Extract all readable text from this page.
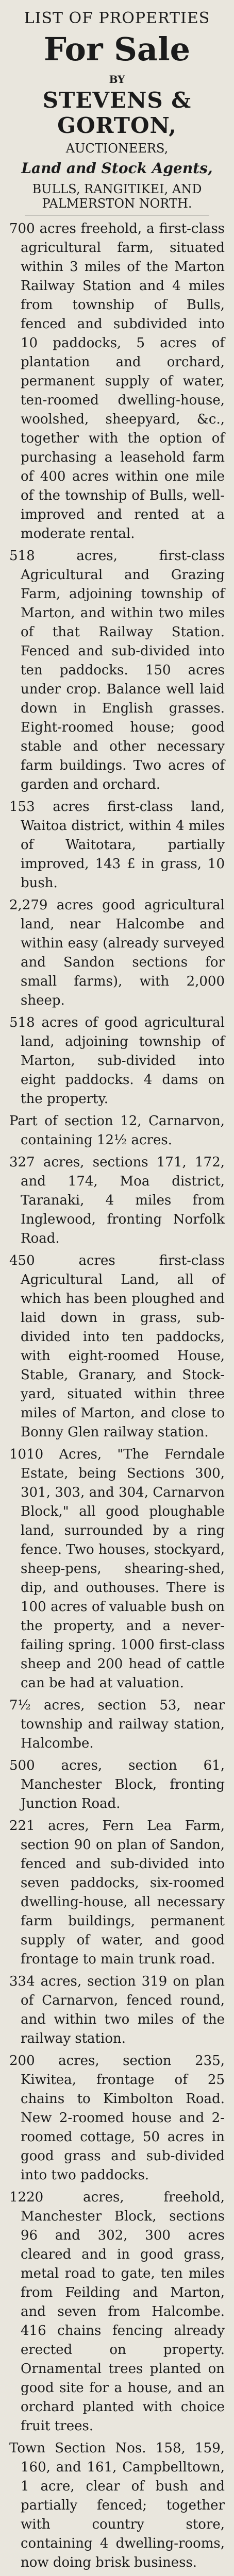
LIST OF PROPERTIES
For Sale
BY
STEVENS & GORTON,
AUCTIONEERS,
Land and Stock Agents,
BULLS, RANGITIKEI, AND PALMERSTON NORTH.

700 acres freehold, a first-class agricultural farm, situated within 3 miles of the Marton Railway Station and 4 miles from township of Bulls, fenced and subdivided into 10 paddocks, 5 acres of plantation and orchard, permanent supply of water, ten-roomed dwelling-house, woolshed, sheepyard, &c., together with the option of purchasing a leasehold farm of 400 acres within one mile of the township of Bulls, well-improved and rented at a moderate rental.

518 acres, first-class Agricultural and Grazing Farm, adjoining township of Marton, and within two miles of that Railway Station. Fenced and sub-divided into ten paddocks. 150 acres under crop. Balance well laid down in English grasses. Eight-roomed house; good stable and other necessary farm buildings. Two acres of garden and orchard.

153 acres first-class land, Waitoa district, within 4 miles of Waitotara, partially improved, 143 £ in grass, 10 bush.

2,279 acres good agricultural land, near Halcombe and within easy (already surveyed and Sandon sections for small farms), with 2,000 sheep.

518 acres of good agricultural land, adjoining township of Marton, sub-divided into eight paddocks. 4 dams on the property.

Part of section 12, Carnarvon, containing 12½ acres.

327 acres, sections 171, 172, and 174, Moa district, Taranaki, 4 miles from Inglewood, fronting Norfolk Road.

450 acres first-class Agricultural Land, all of which has been ploughed and laid down in grass, sub-divided into ten paddocks, with eight-roomed House, Stable, Granary, and Stock-yard, situated within three miles of Marton, and close to Bonny Glen railway station.

1010 Acres, "The Ferndale Estate, being Sections 300, 301, 303, and 304, Carnarvon Block," all good ploughable land, surrounded by a ring fence. Two houses, stockyard, sheep-pens, shearing-shed, dip, and outhouses. There is 100 acres of valuable bush on the property, and a never-failing spring. 1000 first-class sheep and 200 head of cattle can be had at valuation.

7½ acres, section 53, near township and railway station, Halcombe.

500 acres, section 61, Manchester Block, fronting Junction Road.

221 acres, Fern Lea Farm, section 90 on plan of Sandon, fenced and sub-divided into seven paddocks, six-roomed dwelling-house, all necessary farm buildings, permanent supply of water, and good frontage to main trunk road.

334 acres, section 319 on plan of Carnarvon, fenced round, and within two miles of the railway station.

200 acres, section 235, Kiwitea, frontage of 25 chains to Kimbolton Road. New 2-roomed house and 2-roomed cottage, 50 acres in good grass and sub-divided into two paddocks.

1220 acres, freehold, Manchester Block, sections 96 and 302, 300 acres cleared and in good grass, metal road to gate, ten miles from Feilding and Marton, and seven from Halcombe. 416 chains fencing already erected on property. Ornamental trees planted on good site for a house, and an orchard planted with choice fruit trees.

Town Section Nos. 158, 159, 160, and 161, Campbelltown, 1 acre, clear of bush and partially fenced; together with country store, containing 4 dwelling-rooms, now doing brisk business.
